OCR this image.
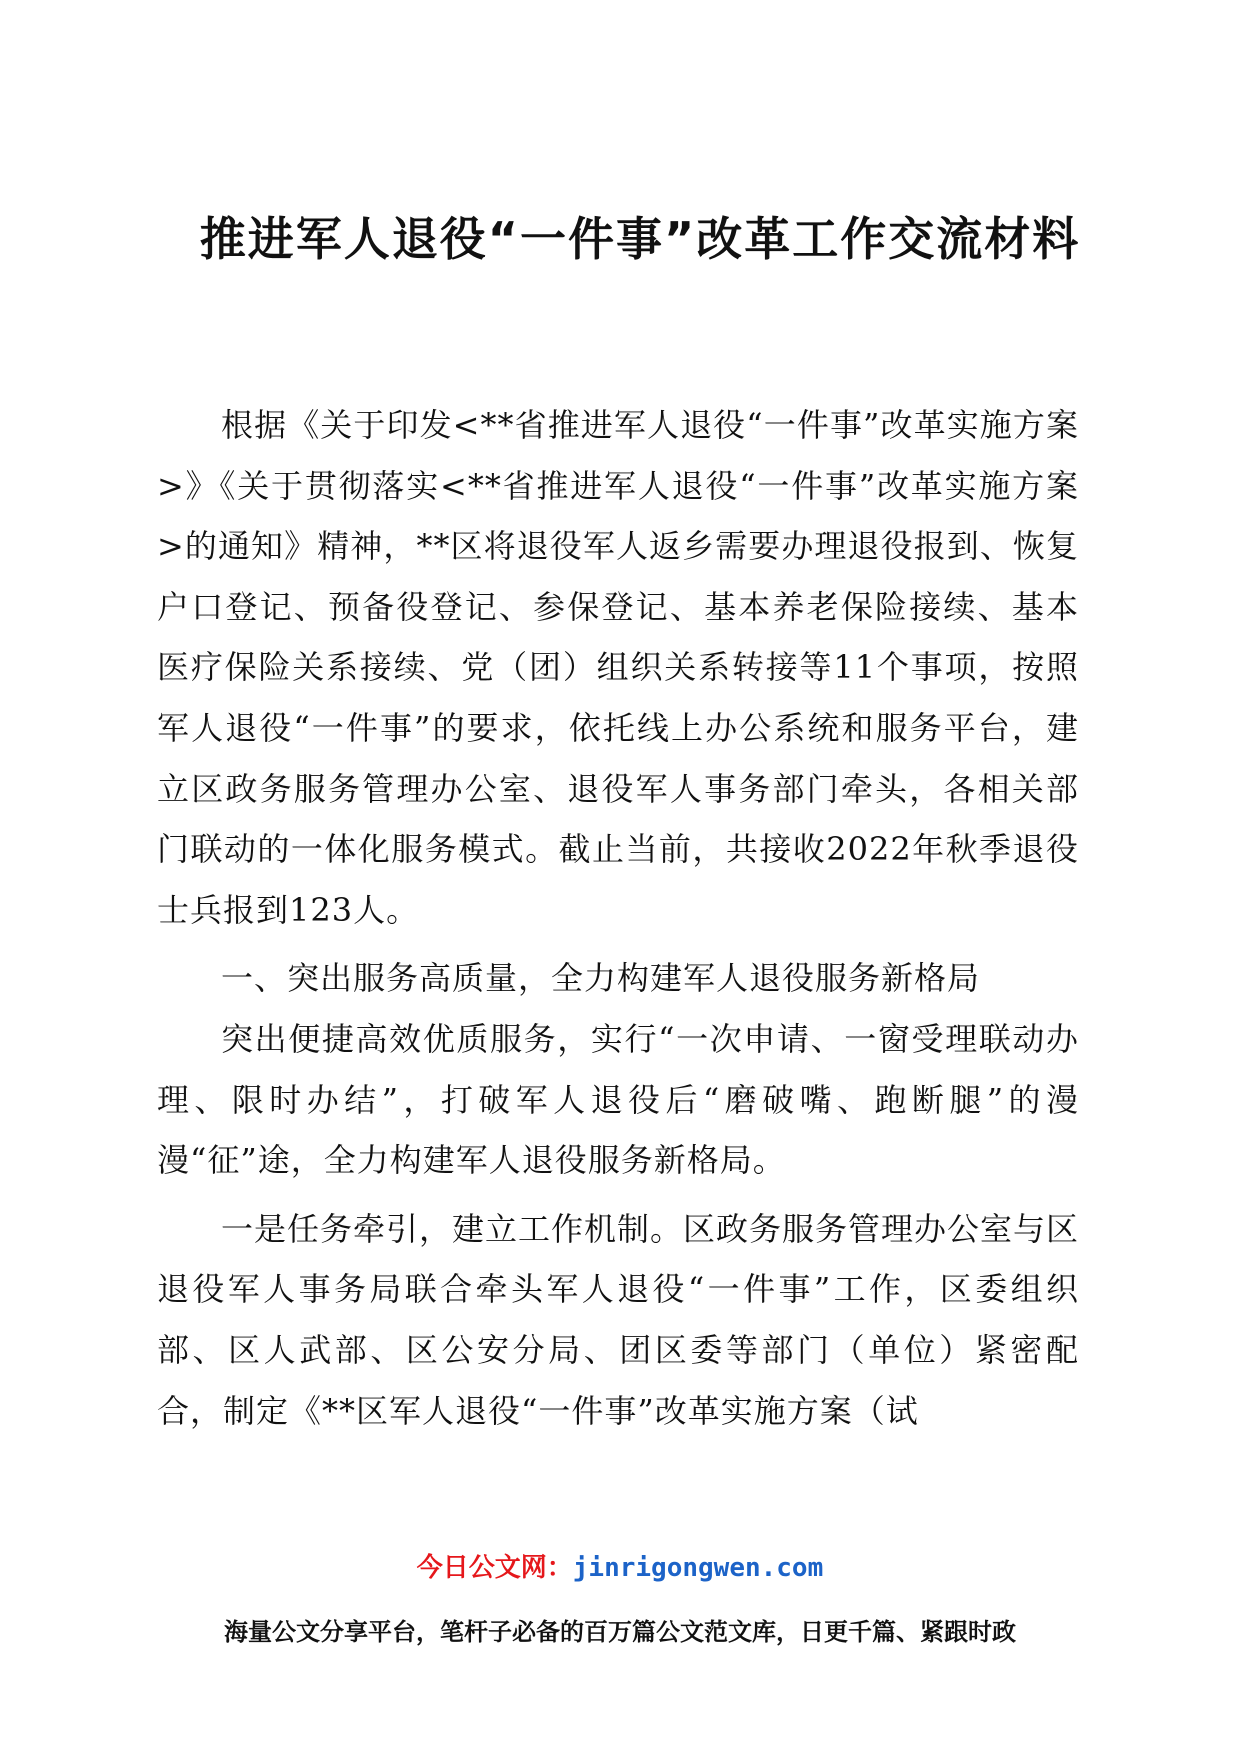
推进军人退役“一件事”改革工作交流材料

根据《关于印发<**省推进军人退役“一件事”改革实施方案>》《关于贯彻落实<**省推进军人退役“一件事”改革实施方案>的通知》精神，**区将退役军人返乡需要办理退役报到、恢复户口登记、预备役登记、参保登记、基本养老保险接续、基本医疗保险关系接续、党（团）组织关系转接等11个事项，按照军人退役“一件事”的要求，依托线上办公系统和服务平台，建立区政务服务管理办公室、退役军人事务部门牵头，各相关部门联动的一体化服务模式。截止当前，共接收2022年秋季退役士兵报到123人。

一、突出服务高质量，全力构建军人退役服务新格局

突出便捷高效优质服务，实行“一次申请、一窗受理联动办理、限时办结”，打破军人退役后“磨破嘴、跑断腿”的漫漫“征”途，全力构建军人退役服务新格局。

一是任务牵引，建立工作机制。区政务服务管理办公室与区退役军人事务局联合牵头军人退役“一件事”工作，区委组织部、区人武部、区公安分局、团区委等部门（单位）紧密配合，制定《**区军人退役“一件事”改革实施方案（试

今日公文网：jinrigongwen.com
海量公文分享平台，笔杆子必备的百万篇公文范文库，日更千篇、紧跟时政
